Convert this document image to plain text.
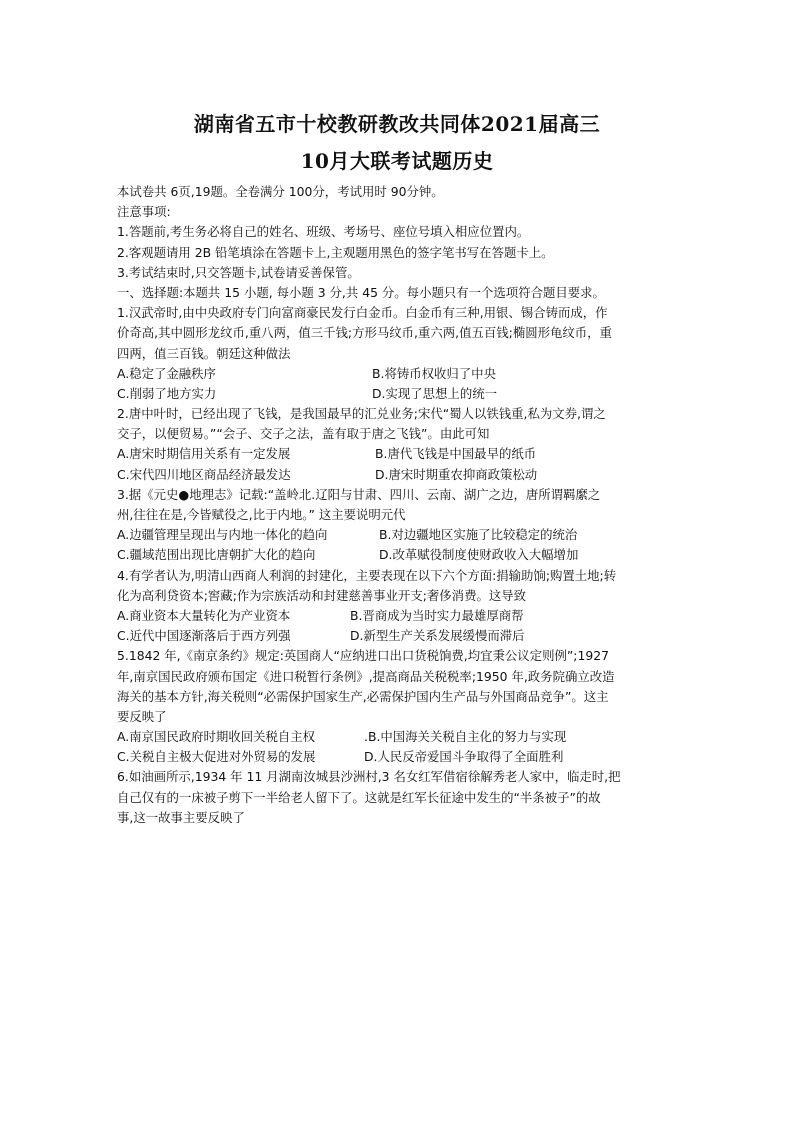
湖南省五市十校教研教改共同体2021届高三
10月大联考试题历史
本试卷共 6页,19题。全卷满分 100分，考试用时 90分钟。
注意事项:
1.答题前,考生务必将自己的姓名、班级、考场号、座位号填入相应位置内。
2.客观题请用 2B 铅笔填涂在答题卡上,主观题用黑色的签字笔书写在答题卡上。
3.考试结束时,只交答题卡,试卷请妥善保管。
一、选择题:本题共 15 小题, 每小题 3 分,共 45 分。每小题只有一个选项符合题目要求。
1.汉武帝时,由中央政府专门向富商豪民发行白金币。白金币有三种,用银、锡合铸而成，作
价奇高,其中圆形龙纹币,重八两，值三千钱;方形马纹币,重六两,值五百钱;椭圆形龟纹币，重
四两，值三百钱。朝廷这种做法
A.稳定了金融秩序	B.将铸币权收归了中央
C.削弱了地方实力	D.实现了思想上的统一
2.唐中叶时，已经出现了飞钱，是我国最早的汇兑业务;宋代“蜀人以铁钱重,私为文券,谓之
交子，以便贸易。”“会子、交子之法，盖有取于唐之飞钱”。由此可知
A.唐宋时期信用关系有一定发展	B.唐代飞钱是中国最早的纸币
C.宋代四川地区商品经济最发达	D.唐宋时期重农抑商政策松动
3.据《元史●地理志》记载:“盖岭北.辽阳与甘肃、四川、云南、湖广之边，唐所谓羁縻之
州,往往在是,今皆赋役之,比于内地。” 这主要说明元代
A.边疆管理呈现出与内地一体化的趋向	B.对边疆地区实施了比较稳定的统治
C.疆域范围出现比唐朝扩大化的趋向	D.改革赋役制度使财政收入大幅增加
4.有学者认为,明清山西商人利润的封建化，主要表现在以下六个方面:捐输助饷;购置土地;转
化为高利贷资本;窖藏;作为宗族活动和封建慈善事业开支;奢侈消费。这导致
A.商业资本大量转化为产业资本	B.晋商成为当时实力最雄厚商帮
C.近代中国逐渐落后于西方列强	D.新型生产关系发展缓慢而滞后
5.1842 年,《南京条约》规定:英国商人“应纳进口出口货税饷费,均宜秉公议定则例”;1927
年,南京国民政府颁布国定《进口税暂行条例》,提高商品关税税率;1950 年,政务院确立改造
海关的基本方针,海关税则“必需保护国家生产,必需保护国内生产品与外国商品竞争”。这主
要反映了
A.南京国民政府时期收回关税自主权	.B.中国海关关税自主化的努力与实现
C.关税自主极大促进对外贸易的发展	D.人民反帝爱国斗争取得了全面胜利
6.如油画所示,1934 年 11 月湖南汝城县沙洲村,3 名女红军借宿徐解秀老人家中，临走时,把
自己仅有的一床被子剪下一半给老人留下了。这就是红军长征途中发生的“半条被子”的故
事,这一故事主要反映了
